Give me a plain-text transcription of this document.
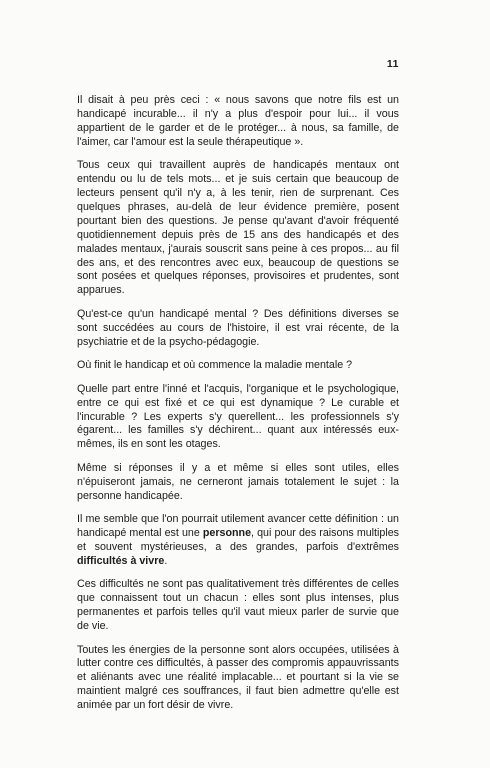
11

Il disait à peu près ceci : « nous savons que notre fils est un handicapé incurable... il n'y a plus d'espoir pour lui... il vous appartient de le garder et de le protéger... à nous, sa famille, de l'aimer, car l'amour est la seule thérapeutique ».

Tous ceux qui travaillent auprès de handicapés mentaux ont entendu ou lu de tels mots... et je suis certain que beaucoup de lecteurs pensent qu'il n'y a, à les tenir, rien de surprenant. Ces quelques phrases, au-delà de leur évidence première, posent pourtant bien des questions. Je pense qu'avant d'avoir fréquenté quotidiennement depuis près de 15 ans des handicapés et des malades mentaux, j'aurais souscrit sans peine à ces propos... au fil des ans, et des rencontres avec eux, beaucoup de questions se sont posées et quelques réponses, provisoires et prudentes, sont apparues.

Qu'est-ce qu'un handicapé mental ? Des définitions diverses se sont succédées au cours de l'histoire, il est vrai récente, de la psychiatrie et de la psycho-pédagogie.

Où finit le handicap et où commence la maladie mentale ?

Quelle part entre l'inné et l'acquis, l'organique et le psychologique, entre ce qui est fixé et ce qui est dynamique ? Le curable et l'incurable ? Les experts s'y querellent... les professionnels s'y égarent... les familles s'y déchirent... quant aux intéressés eux-mêmes, ils en sont les otages.

Même si réponses il y a et même si elles sont utiles, elles n'épuiseront jamais, ne cerneront jamais totalement le sujet : la personne handicapée.

Il me semble que l'on pourrait utilement avancer cette définition : un handicapé mental est une personne, qui pour des raisons multiples et souvent mystérieuses, a des grandes, parfois d'extrêmes difficultés à vivre.

Ces difficultés ne sont pas qualitativement très différentes de celles que connaissent tout un chacun : elles sont plus intenses, plus permanentes et parfois telles qu'il vaut mieux parler de survie que de vie.

Toutes les énergies de la personne sont alors occupées, utilisées à lutter contre ces difficultés, à passer des compromis appauvrissants et aliénants avec une réalité implacable... et pourtant si la vie se maintient malgré ces souffrances, il faut bien admettre qu'elle est animée par un fort désir de vivre.
